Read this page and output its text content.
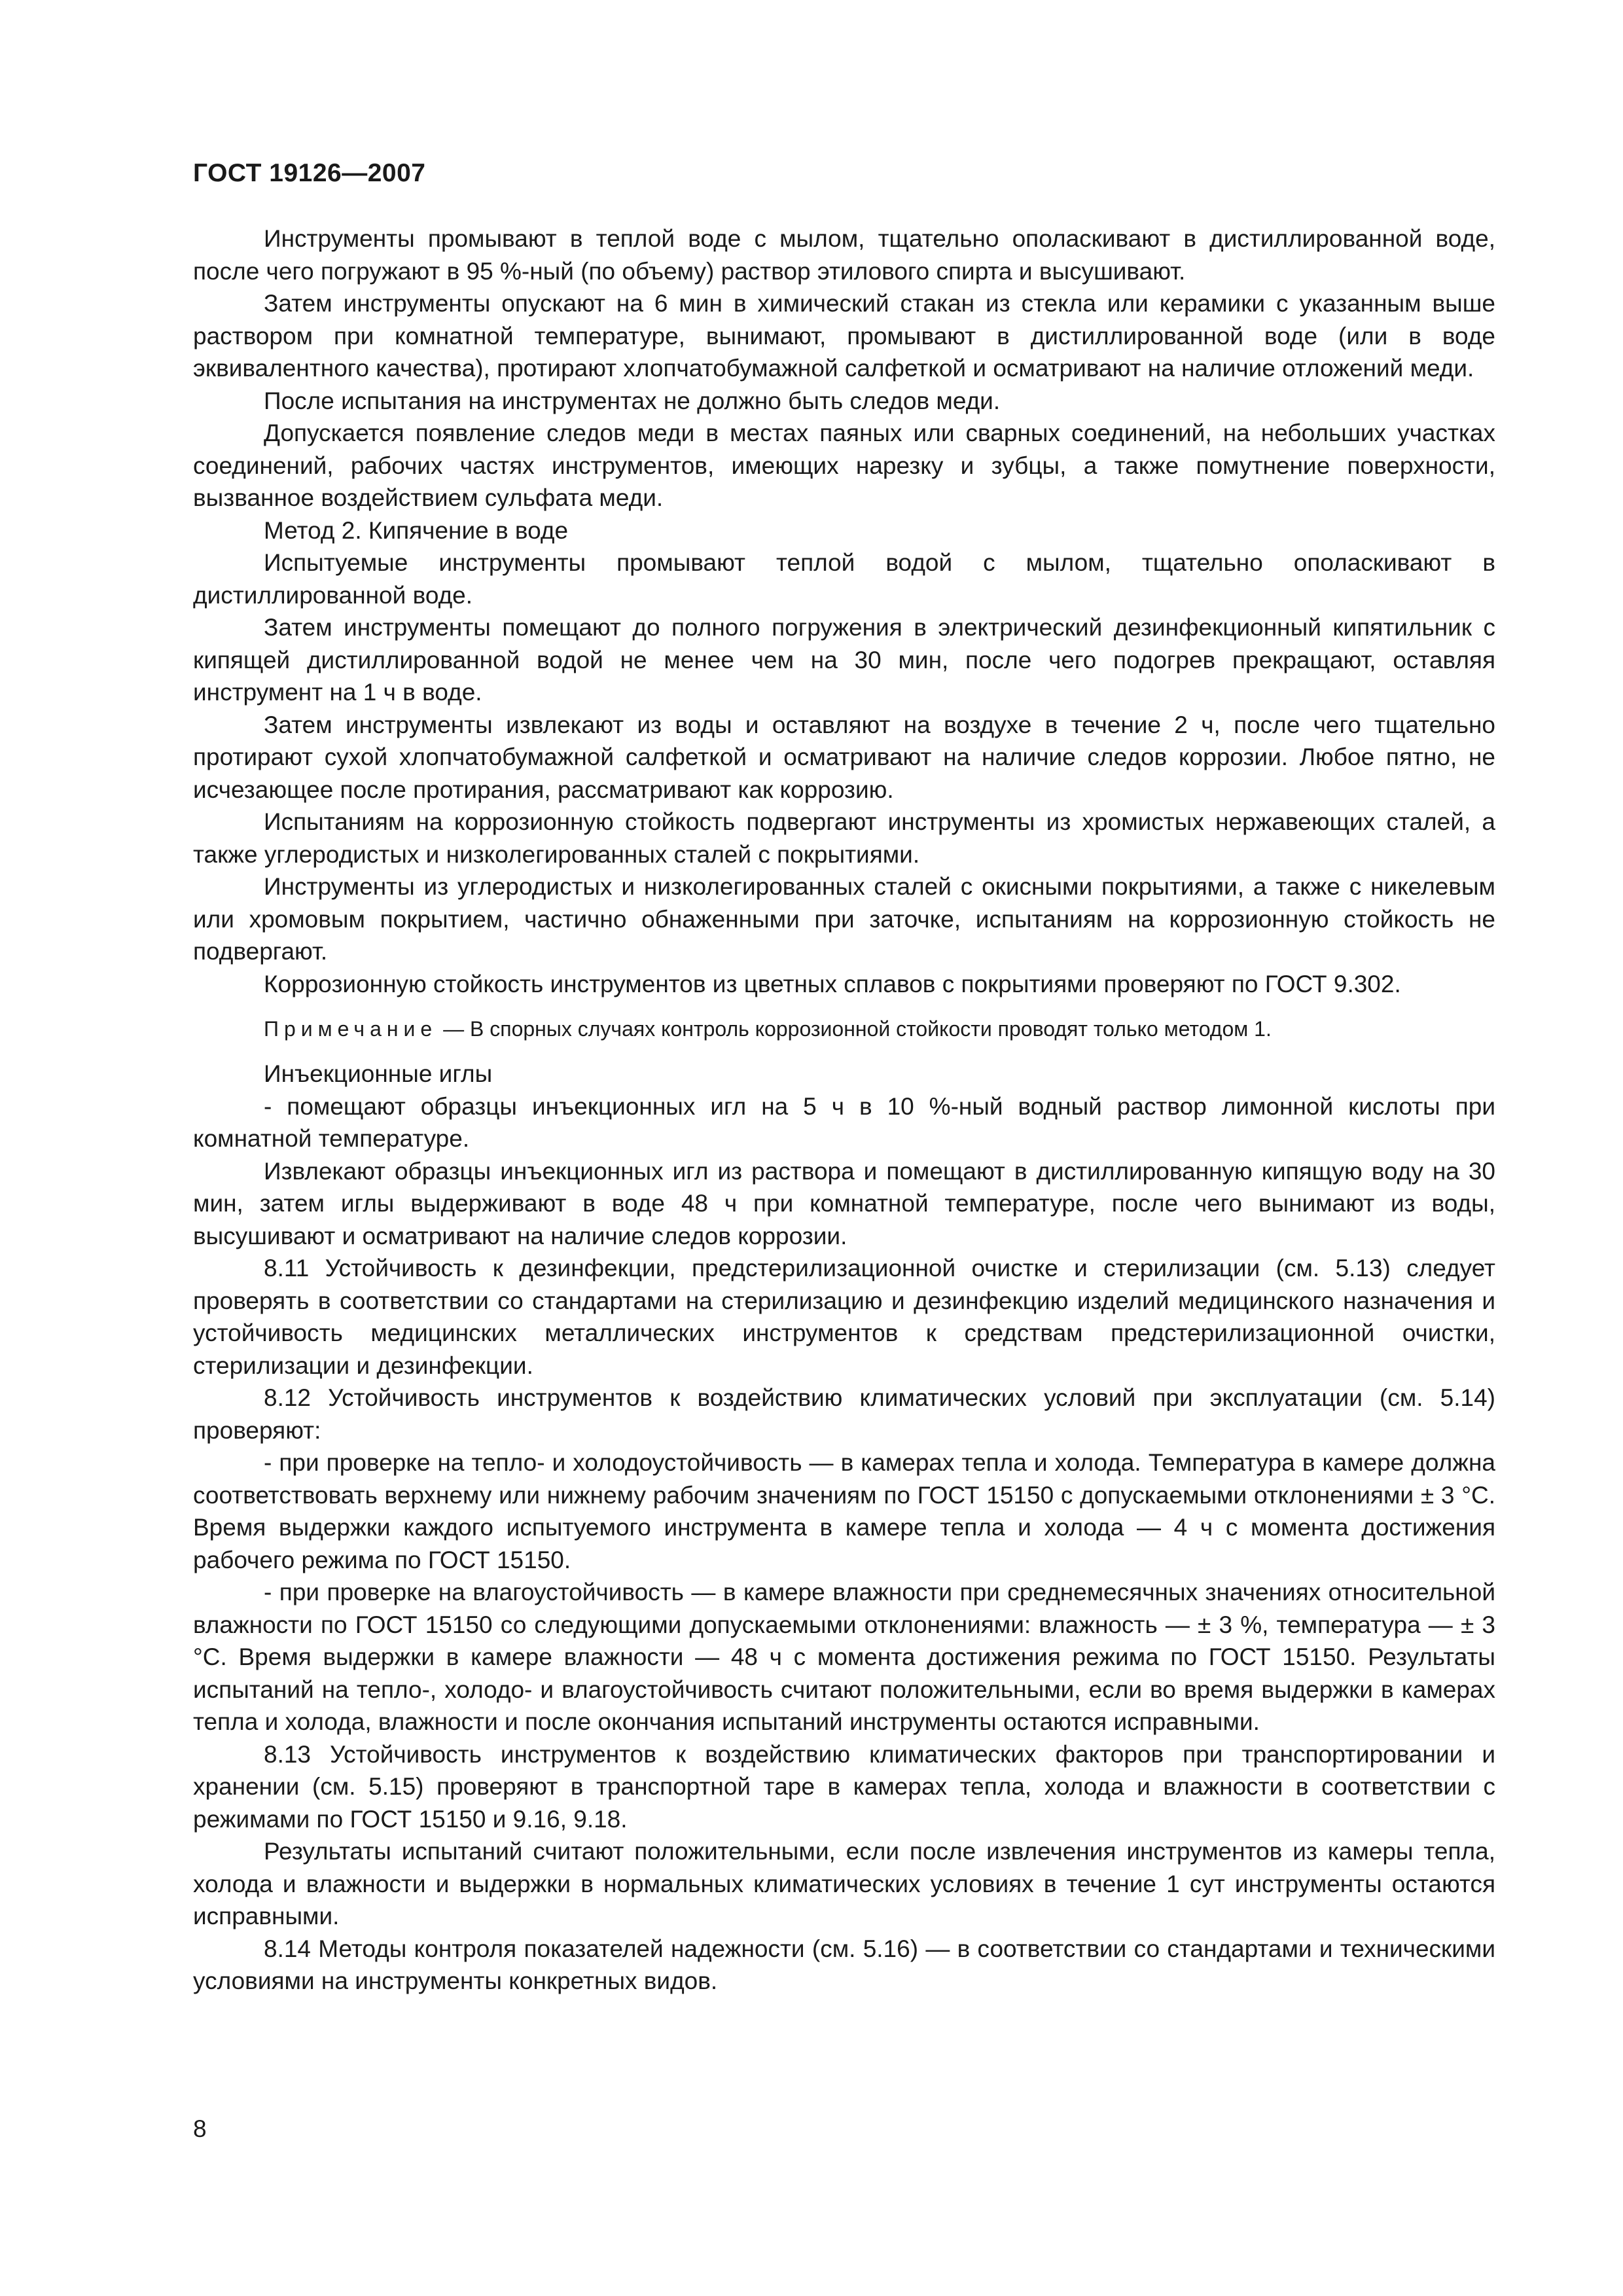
ГОСТ 19126—2007

Инструменты промывают в теплой воде с мылом, тщательно ополаскивают в дистиллированной воде, после чего погружают в 95 %-ный (по объему) раствор этилового спирта и высушивают.

Затем инструменты опускают на 6 мин в химический стакан из стекла или керамики с указанным выше раствором при комнатной температуре, вынимают, промывают в дистиллированной воде (или в воде эквивалентного качества), протирают хлопчатобумажной салфеткой и осматривают на наличие отложений меди.

После испытания на инструментах не должно быть следов меди.

Допускается появление следов меди в местах паяных или сварных соединений, на небольших участках соединений, рабочих частях инструментов, имеющих нарезку и зубцы, а также помутнение поверхности, вызванное воздействием сульфата меди.

Метод 2. Кипячение в воде

Испытуемые инструменты промывают теплой водой с мылом, тщательно ополаскивают в дистиллированной воде.

Затем инструменты помещают до полного погружения в электрический дезинфекционный кипятильник с кипящей дистиллированной водой не менее чем на 30 мин, после чего подогрев прекращают, оставляя инструмент на 1 ч в воде.

Затем инструменты извлекают из воды и оставляют на воздухе в течение 2 ч, после чего тщательно протирают сухой хлопчатобумажной салфеткой и осматривают на наличие следов коррозии. Любое пятно, не исчезающее после протирания, рассматривают как коррозию.

Испытаниям на коррозионную стойкость подвергают инструменты из хромистых нержавеющих сталей, а также углеродистых и низколегированных сталей с покрытиями.

Инструменты из углеродистых и низколегированных сталей с окисными покрытиями, а также с никелевым или хромовым покрытием, частично обнаженными при заточке, испытаниям на коррозионную стойкость не подвергают.

Коррозионную стойкость инструментов из цветных сплавов с покрытиями проверяют по ГОСТ 9.302.

Примечание — В спорных случаях контроль коррозионной стойкости проводят только методом 1.

Инъекционные иглы

- помещают образцы инъекционных игл на 5 ч в 10 %-ный водный раствор лимонной кислоты при комнатной температуре.

Извлекают образцы инъекционных игл из раствора и помещают в дистиллированную кипящую воду на 30 мин, затем иглы выдерживают в воде 48 ч при комнатной температуре, после чего вынимают из воды, высушивают и осматривают на наличие следов коррозии.

8.11 Устойчивость к дезинфекции, предстерилизационной очистке и стерилизации (см. 5.13) следует проверять в соответствии со стандартами на стерилизацию и дезинфекцию изделий медицинского назначения и устойчивость медицинских металлических инструментов к средствам предстерилизационной очистки, стерилизации и дезинфекции.

8.12 Устойчивость инструментов к воздействию климатических условий при эксплуатации (см. 5.14) проверяют:

- при проверке на тепло- и холодоустойчивость — в камерах тепла и холода. Температура в камере должна соответствовать верхнему или нижнему рабочим значениям по ГОСТ 15150 с допускаемыми отклонениями ± 3 °С. Время выдержки каждого испытуемого инструмента в камере тепла и холода — 4 ч с момента достижения рабочего режима по ГОСТ 15150.

- при проверке на влагоустойчивость — в камере влажности при среднемесячных значениях относительной влажности по ГОСТ 15150 со следующими допускаемыми отклонениями: влажность — ± 3 %, температура — ± 3 °С. Время выдержки в камере влажности — 48 ч с момента достижения режима по ГОСТ 15150. Результаты испытаний на тепло-, холодо- и влагоустойчивость считают положительными, если во время выдержки в камерах тепла и холода, влажности и после окончания испытаний инструменты остаются исправными.

8.13 Устойчивость инструментов к воздействию климатических факторов при транспортировании и хранении (см. 5.15) проверяют в транспортной таре в камерах тепла, холода и влажности в соответствии с режимами по ГОСТ 15150 и 9.16, 9.18.

Результаты испытаний считают положительными, если после извлечения инструментов из камеры тепла, холода и влажности и выдержки в нормальных климатических условиях в течение 1 сут инструменты остаются исправными.

8.14 Методы контроля показателей надежности (см. 5.16) — в соответствии со стандартами и техническими условиями на инструменты конкретных видов.

8
